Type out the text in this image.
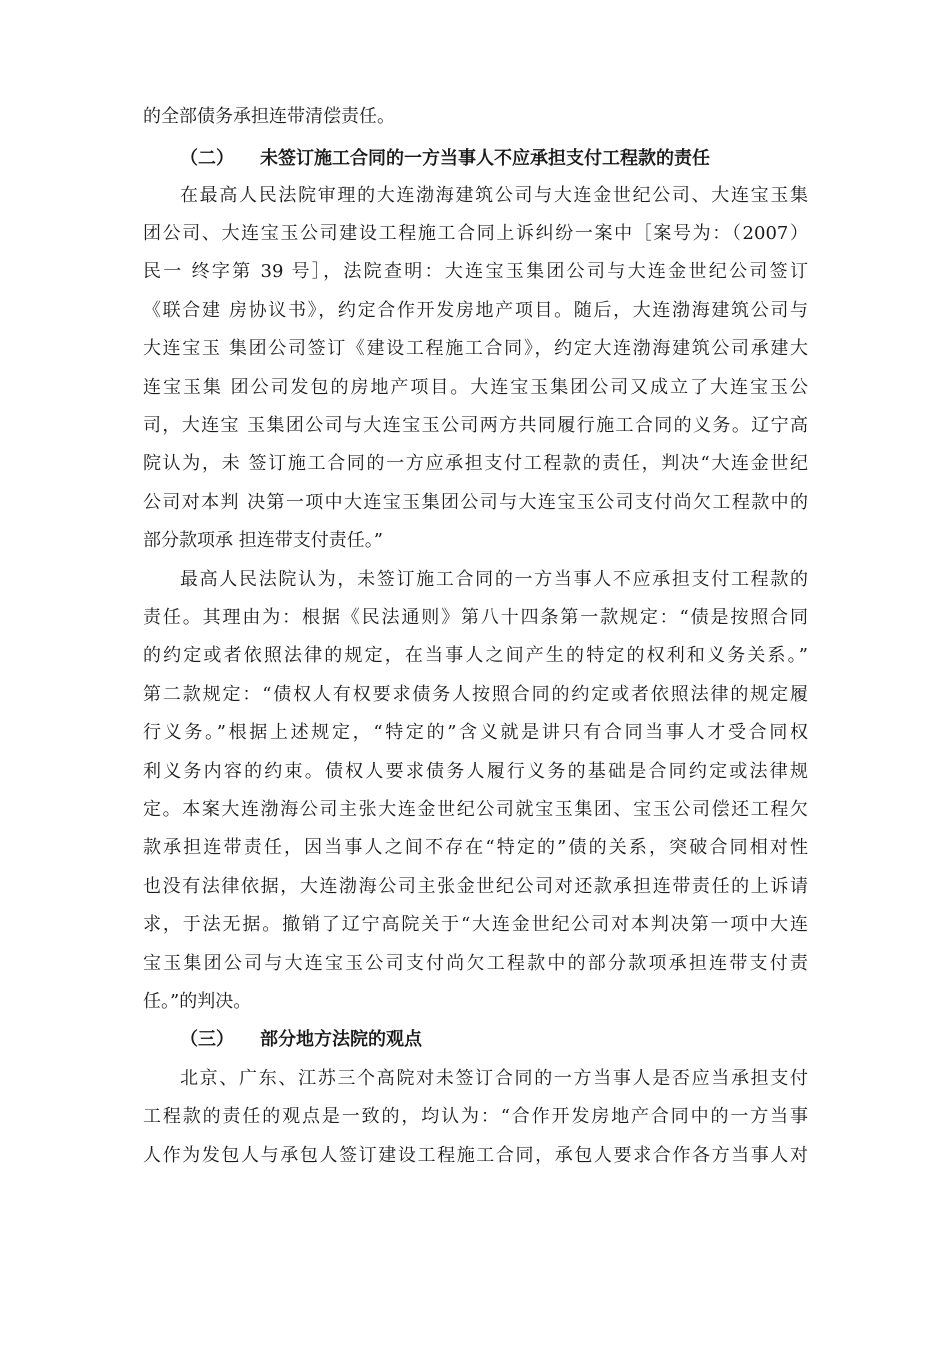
的全部债务承担连带清偿责任。
（二） 未签订施工合同的一方当事人不应承担支付工程款的责任
在最高人民法院审理的大连渤海建筑公司与大连金世纪公司、大连宝玉集
团公司、大连宝玉公司建设工程施工合同上诉纠纷一案中［案号为：（2007）
民一 终字第 39 号］，法院查明：大连宝玉集团公司与大连金世纪公司签订
《联合建 房协议书》，约定合作开发房地产项目。随后，大连渤海建筑公司与
大连宝玉 集团公司签订《建设工程施工合同》，约定大连渤海建筑公司承建大
连宝玉集 团公司发包的房地产项目。大连宝玉集团公司又成立了大连宝玉公
司，大连宝 玉集团公司与大连宝玉公司两方共同履行施工合同的义务。辽宁高
院认为，未 签订施工合同的一方应承担支付工程款的责任，判决“大连金世纪
公司对本判 决第一项中大连宝玉集团公司与大连宝玉公司支付尚欠工程款中的
部分款项承 担连带支付责任。”
最高人民法院认为，未签订施工合同的一方当事人不应承担支付工程款的
责任。其理由为：根据《民法通则》第八十四条第一款规定：“债是按照合同
的约定或者依照法律的规定，在当事人之间产生的特定的权利和义务关系。”
第二款规定：“债权人有权要求债务人按照合同的约定或者依照法律的规定履
行义务。”根据上述规定，“特定的”含义就是讲只有合同当事人才受合同权
利义务内容的约束。债权人要求债务人履行义务的基础是合同约定或法律规
定。本案大连渤海公司主张大连金世纪公司就宝玉集团、宝玉公司偿还工程欠
款承担连带责任，因当事人之间不存在“特定的”债的关系，突破合同相对性
也没有法律依据，大连渤海公司主张金世纪公司对还款承担连带责任的上诉请
求，于法无据。撤销了辽宁高院关于“大连金世纪公司对本判决第一项中大连
宝玉集团公司与大连宝玉公司支付尚欠工程款中的部分款项承担连带支付责
任。”的判决。
（三） 部分地方法院的观点
北京、广东、江苏三个高院对未签订合同的一方当事人是否应当承担支付
工程款的责任的观点是一致的，均认为：“合作开发房地产合同中的一方当事
人作为发包人与承包人签订建设工程施工合同，承包人要求合作各方当事人对
